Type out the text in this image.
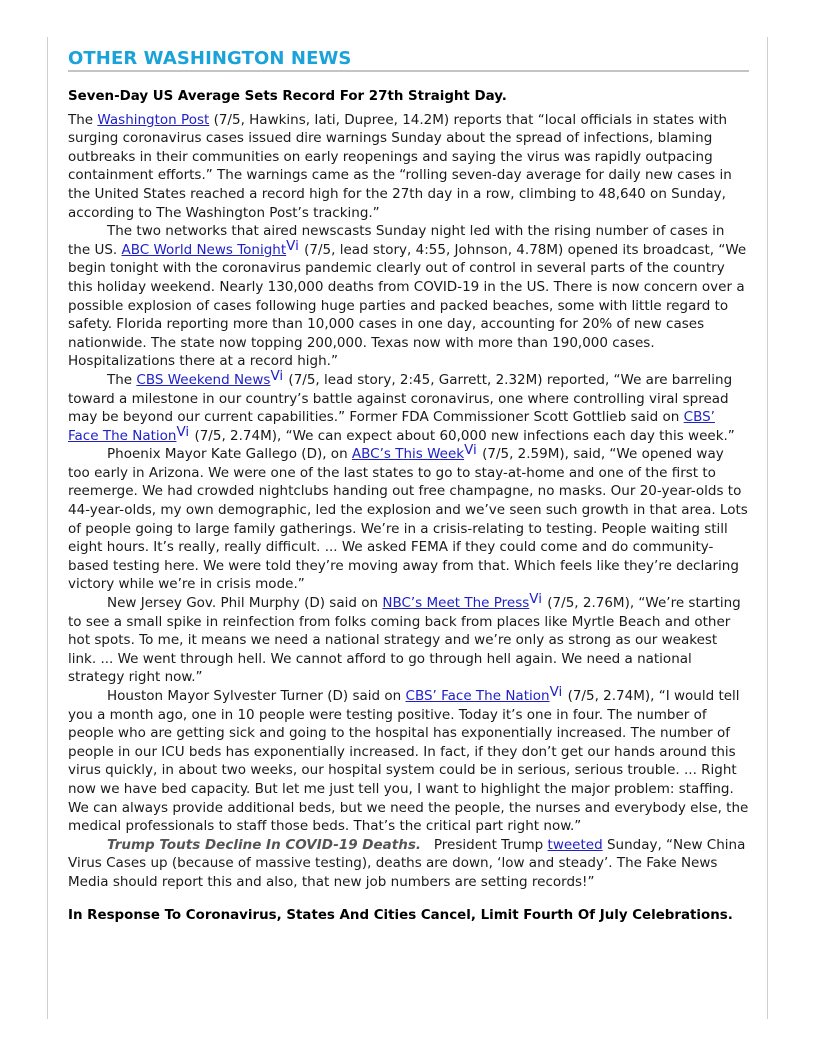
OTHER WASHINGTON NEWS
Seven-Day US Average Sets Record For 27th Straight Day.

The Washington Post (7/5, Hawkins, Iati, Dupree, 14.2M) reports that “local officials in states with surging coronavirus cases issued dire warnings Sunday about the spread of infections, blaming outbreaks in their communities on early reopenings and saying the virus was rapidly outpacing containment efforts.” The warnings came as the “rolling seven-day average for daily new cases in the United States reached a record high for the 27th day in a row, climbing to 48,640 on Sunday, according to The Washington Post’s tracking.”

The two networks that aired newscasts Sunday night led with the rising number of cases in the US. ABC World News TonightVi (7/5, lead story, 4:55, Johnson, 4.78M) opened its broadcast, “We begin tonight with the coronavirus pandemic clearly out of control in several parts of the country this holiday weekend. Nearly 130,000 deaths from COVID-19 in the US. There is now concern over a possible explosion of cases following huge parties and packed beaches, some with little regard to safety. Florida reporting more than 10,000 cases in one day, accounting for 20% of new cases nationwide. The state now topping 200,000. Texas now with more than 190,000 cases. Hospitalizations there at a record high.”

The CBS Weekend NewsVi (7/5, lead story, 2:45, Garrett, 2.32M) reported, “We are barreling toward a milestone in our country’s battle against coronavirus, one where controlling viral spread may be beyond our current capabilities.” Former FDA Commissioner Scott Gottlieb said on CBS’ Face The NationVi (7/5, 2.74M), “We can expect about 60,000 new infections each day this week.”

Phoenix Mayor Kate Gallego (D), on ABC’s This WeekVi (7/5, 2.59M), said, “We opened way too early in Arizona. We were one of the last states to go to stay-at-home and one of the first to reemerge. We had crowded nightclubs handing out free champagne, no masks. Our 20-year-olds to 44-year-olds, my own demographic, led the explosion and we’ve seen such growth in that area. Lots of people going to large family gatherings. We’re in a crisis-relating to testing. People waiting still eight hours. It’s really, really difficult. ... We asked FEMA if they could come and do community-based testing here. We were told they’re moving away from that. Which feels like they’re declaring victory while we’re in crisis mode.”

New Jersey Gov. Phil Murphy (D) said on NBC’s Meet The PressVi (7/5, 2.76M), “We’re starting to see a small spike in reinfection from folks coming back from places like Myrtle Beach and other hot spots. To me, it means we need a national strategy and we’re only as strong as our weakest link. ... We went through hell. We cannot afford to go through hell again. We need a national strategy right now.”

Houston Mayor Sylvester Turner (D) said on CBS’ Face The NationVi (7/5, 2.74M), “I would tell you a month ago, one in 10 people were testing positive. Today it’s one in four. The number of people who are getting sick and going to the hospital has exponentially increased. The number of people in our ICU beds has exponentially increased. In fact, if they don’t get our hands around this virus quickly, in about two weeks, our hospital system could be in serious, serious trouble. ... Right now we have bed capacity. But let me just tell you, I want to highlight the major problem: staffing. We can always provide additional beds, but we need the people, the nurses and everybody else, the medical professionals to staff those beds. That’s the critical part right now.”

Trump Touts Decline In COVID-19 Deaths.   President Trump tweeted Sunday, “New China Virus Cases up (because of massive testing), deaths are down, ‘low and steady’. The Fake News Media should report this and also, that new job numbers are setting records!”

In Response To Coronavirus, States And Cities Cancel, Limit Fourth Of July Celebrations.
